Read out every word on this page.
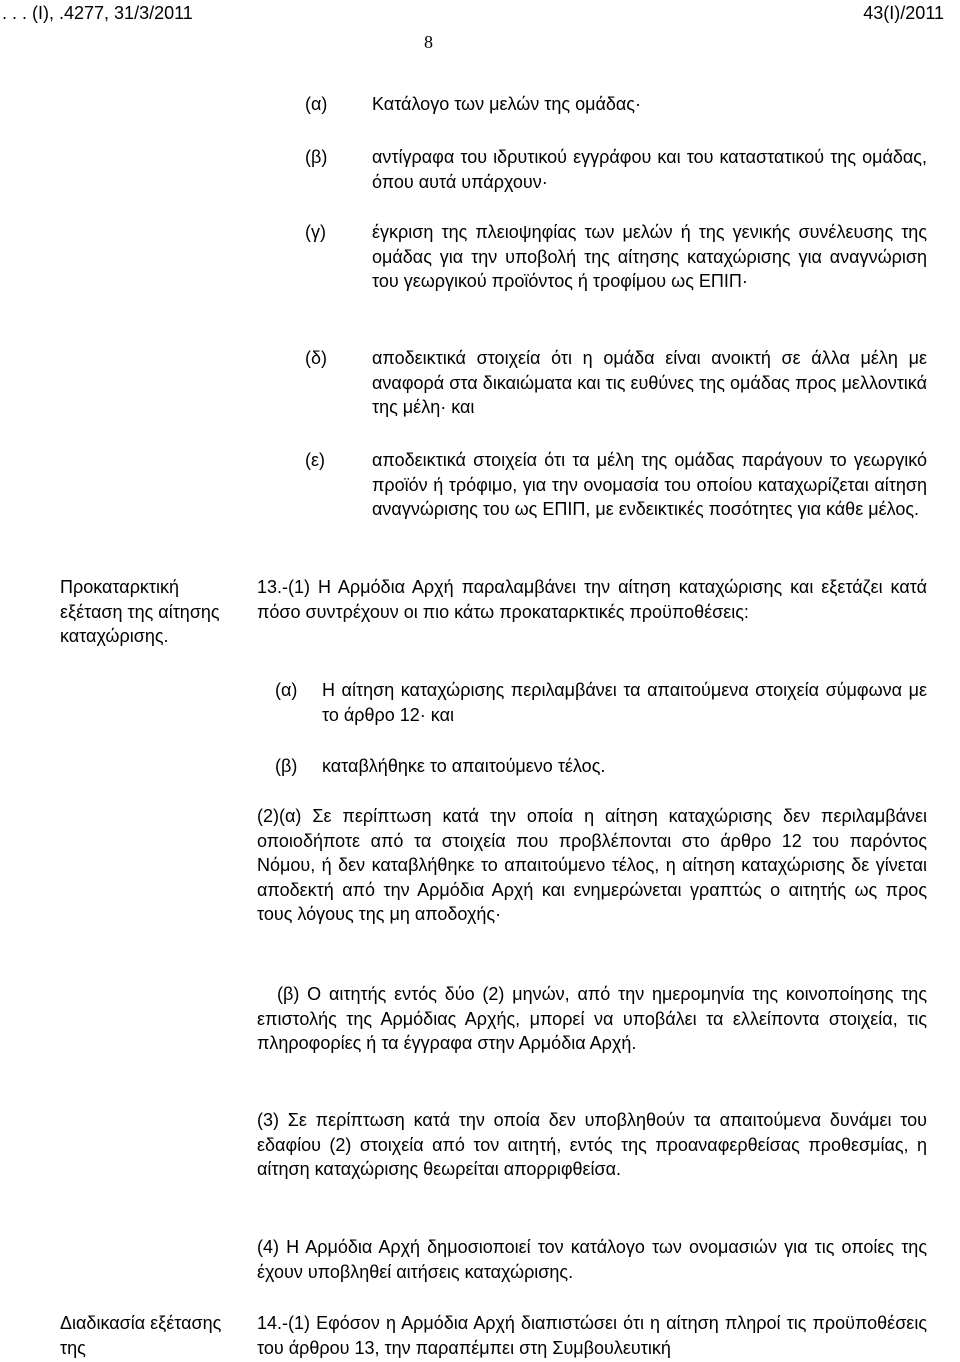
. . . (Ι), .4277, 31/3/2011	43(Ι)/2011
8
(α) Κατάλογο των μελών της ομάδας·
(β) αντίγραφα του ιδρυτικού εγγράφου και του καταστατικού της ομάδας, όπου αυτά υπάρχουν·
(γ)	έγκριση της πλειοψηφίας των μελών ή της γενικής συνέλευσης της ομάδας για την υποβολή της αίτησης καταχώρισης για αναγνώριση του γεωργικού προϊόντος ή τροφίμου ως ΕΠΙΠ·
(δ) αποδεικτικά στοιχεία ότι η ομάδα είναι ανοικτή σε άλλα μέλη με αναφορά στα δικαιώματα και τις ευθύνες της ομάδας προς μελλοντικά της μέλη· και
(ε)	αποδεικτικά στοιχεία ότι τα μέλη της ομάδας παράγουν το γεωργικό προϊόν ή τρόφιμο, για την ονομασία του οποίου καταχωρίζεται αίτηση αναγνώρισης του ως ΕΠΙΠ, με ενδεικτικές ποσότητες για κάθε μέλος.
Προκαταρκτική εξέταση της αίτησης καταχώρισης.
13.-(1) Η Αρμόδια Αρχή παραλαμβάνει την αίτηση καταχώρισης και εξετάζει κατά πόσο συντρέχουν οι πιο κάτω προκαταρκτικές προϋποθέσεις:
(α) Η αίτηση καταχώρισης περιλαμβάνει τα απαιτούμενα στοιχεία σύμφωνα με το άρθρο 12· και
(β) καταβλήθηκε το απαιτούμενο τέλος.
(2)(α) Σε περίπτωση κατά την οποία η αίτηση καταχώρισης δεν περιλαμβάνει οποιοδήποτε από τα στοιχεία που προβλέπονται στο άρθρο 12 του παρόντος Νόμου, ή δεν καταβλήθηκε το απαιτούμενο τέλος, η αίτηση καταχώρισης δε γίνεται αποδεκτή από την Αρμόδια Αρχή και ενημερώνεται γραπτώς ο αιτητής ως προς τους λόγους της μη αποδοχής·
(β) Ο αιτητής εντός δύο (2) μηνών, από την ημερομηνία της κοινοποίησης της επιστολής της Αρμόδιας Αρχής, μπορεί να υποβάλει τα ελλείποντα στοιχεία, τις πληροφορίες ή τα έγγραφα στην Αρμόδια Αρχή.
(3) Σε περίπτωση κατά την οποία δεν υποβληθούν τα απαιτούμενα δυνάμει του εδαφίου (2) στοιχεία από τον αιτητή, εντός της προαναφερθείσας προθεσμίας, η αίτηση καταχώρισης θεωρείται απορριφθείσα.
(4) Η Αρμόδια Αρχή δημοσιοποιεί τον κατάλογο των ονομασιών για τις οποίες της έχουν υποβληθεί αιτήσεις καταχώρισης.
Διαδικασία εξέτασης της
14.-(1) Εφόσον η Αρμόδια Αρχή διαπιστώσει ότι η αίτηση πληροί τις προϋποθέσεις του άρθρου 13, την παραπέμπει στη Συμβουλευτική
